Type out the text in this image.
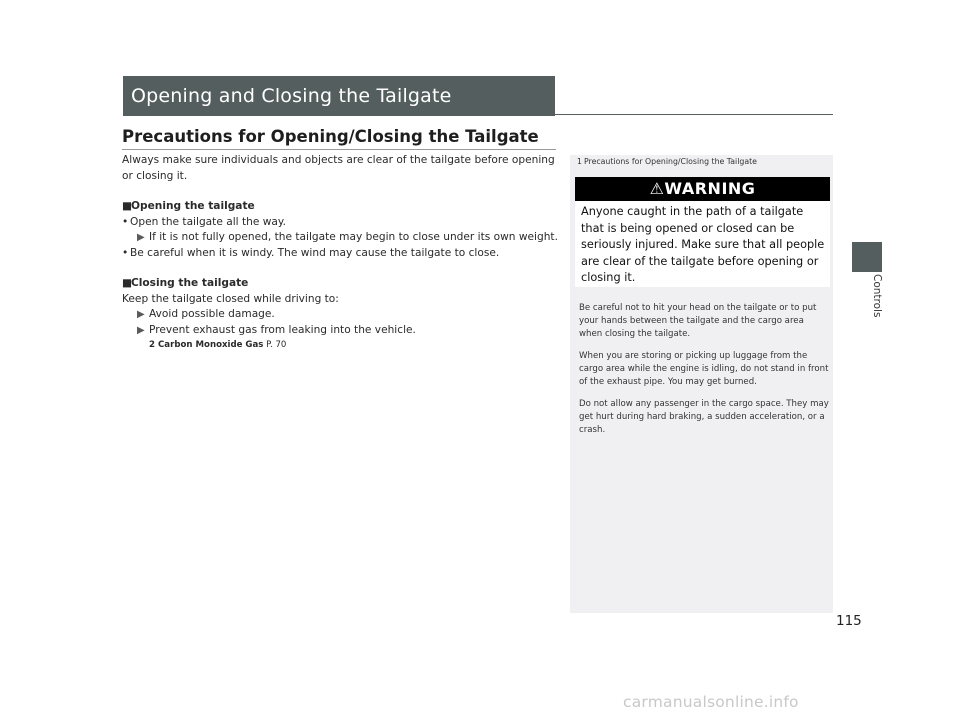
Opening and Closing the Tailgate
Precautions for Opening/Closing the Tailgate

Always make sure individuals and objects are clear of the tailgate before opening or closing it.

■Opening the tailgate

• Open the tailgate all the way.

▶ If it is not fully opened, the tailgate may begin to close under its own weight.

• Be careful when it is windy. The wind may cause the tailgate to close.

■Closing the tailgate

Keep the tailgate closed while driving to:

▶ Avoid possible damage.

▶ Prevent exhaust gas from leaking into the vehicle.

2 Carbon Monoxide Gas P. 70

1 Precautions for Opening/Closing the Tailgate
⚠WARNING
Anyone caught in the path of a tailgate that is being opened or closed can be seriously injured. Make sure that all people are clear of the tailgate before opening or closing it.

Be careful not to hit your head on the tailgate or to put your hands between the tailgate and the cargo area when closing the tailgate.

When you are storing or picking up luggage from the cargo area while the engine is idling, do not stand in front of the exhaust pipe. You may get burned.

Do not allow any passenger in the cargo space. They may get hurt during hard braking, a sudden acceleration, or a crash.

Controls
115
carmanualsonline.info
